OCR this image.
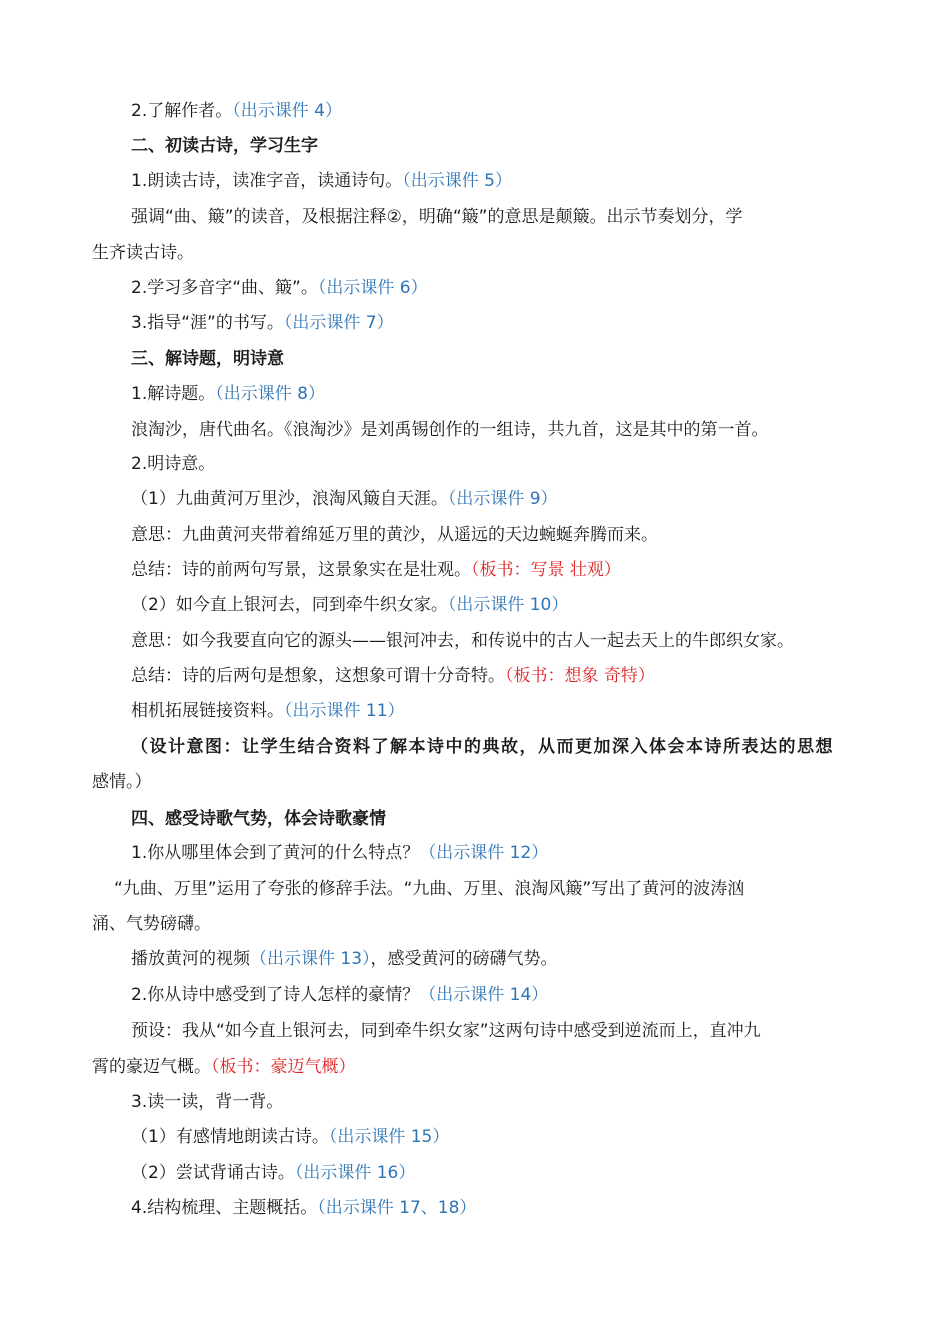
2.了解作者。（出示课件 4）
二、初读古诗，学习生字
1.朗读古诗，读准字音，读通诗句。（出示课件 5）
强调“曲、簸”的读音，及根据注释②，明确“簸”的意思是颠簸。出示节奏划分，学
生齐读古诗。
2.学习多音字“曲、簸”。（出示课件 6）
3.指导“涯”的书写。（出示课件 7）
三、解诗题，明诗意
1.解诗题。（出示课件 8）
浪淘沙，唐代曲名。《浪淘沙》是刘禹锡创作的一组诗，共九首，这是其中的第一首。
2.明诗意。
（1）九曲黄河万里沙，浪淘风簸自天涯。（出示课件 9）
意思：九曲黄河夹带着绵延万里的黄沙，从遥远的天边蜿蜒奔腾而来。
总结：诗的前两句写景，这景象实在是壮观。（板书：写景 壮观）
（2）如今直上银河去，同到牵牛织女家。（出示课件 10）
意思：如今我要直向它的源头——银河冲去，和传说中的古人一起去天上的牛郎织女家。
总结：诗的后两句是想象，这想象可谓十分奇特。（板书：想象 奇特）
相机拓展链接资料。（出示课件 11）
（设计意图：让学生结合资料了解本诗中的典故，从而更加深入体会本诗所表达的思想
感情。）
四、感受诗歌气势，体会诗歌豪情
1.你从哪里体会到了黄河的什么特点？（出示课件 12）
“九曲、万里”运用了夸张的修辞手法。“九曲、万里、浪淘风簸”写出了黄河的波涛汹
涌、气势磅礴。
播放黄河的视频（出示课件 13），感受黄河的磅礴气势。
2.你从诗中感受到了诗人怎样的豪情？（出示课件 14）
预设：我从“如今直上银河去，同到牵牛织女家”这两句诗中感受到逆流而上，直冲九
霄的豪迈气概。（板书：豪迈气概）
3.读一读，背一背。
（1）有感情地朗读古诗。（出示课件 15）
（2）尝试背诵古诗。（出示课件 16）
4.结构梳理、主题概括。（出示课件 17、18）
